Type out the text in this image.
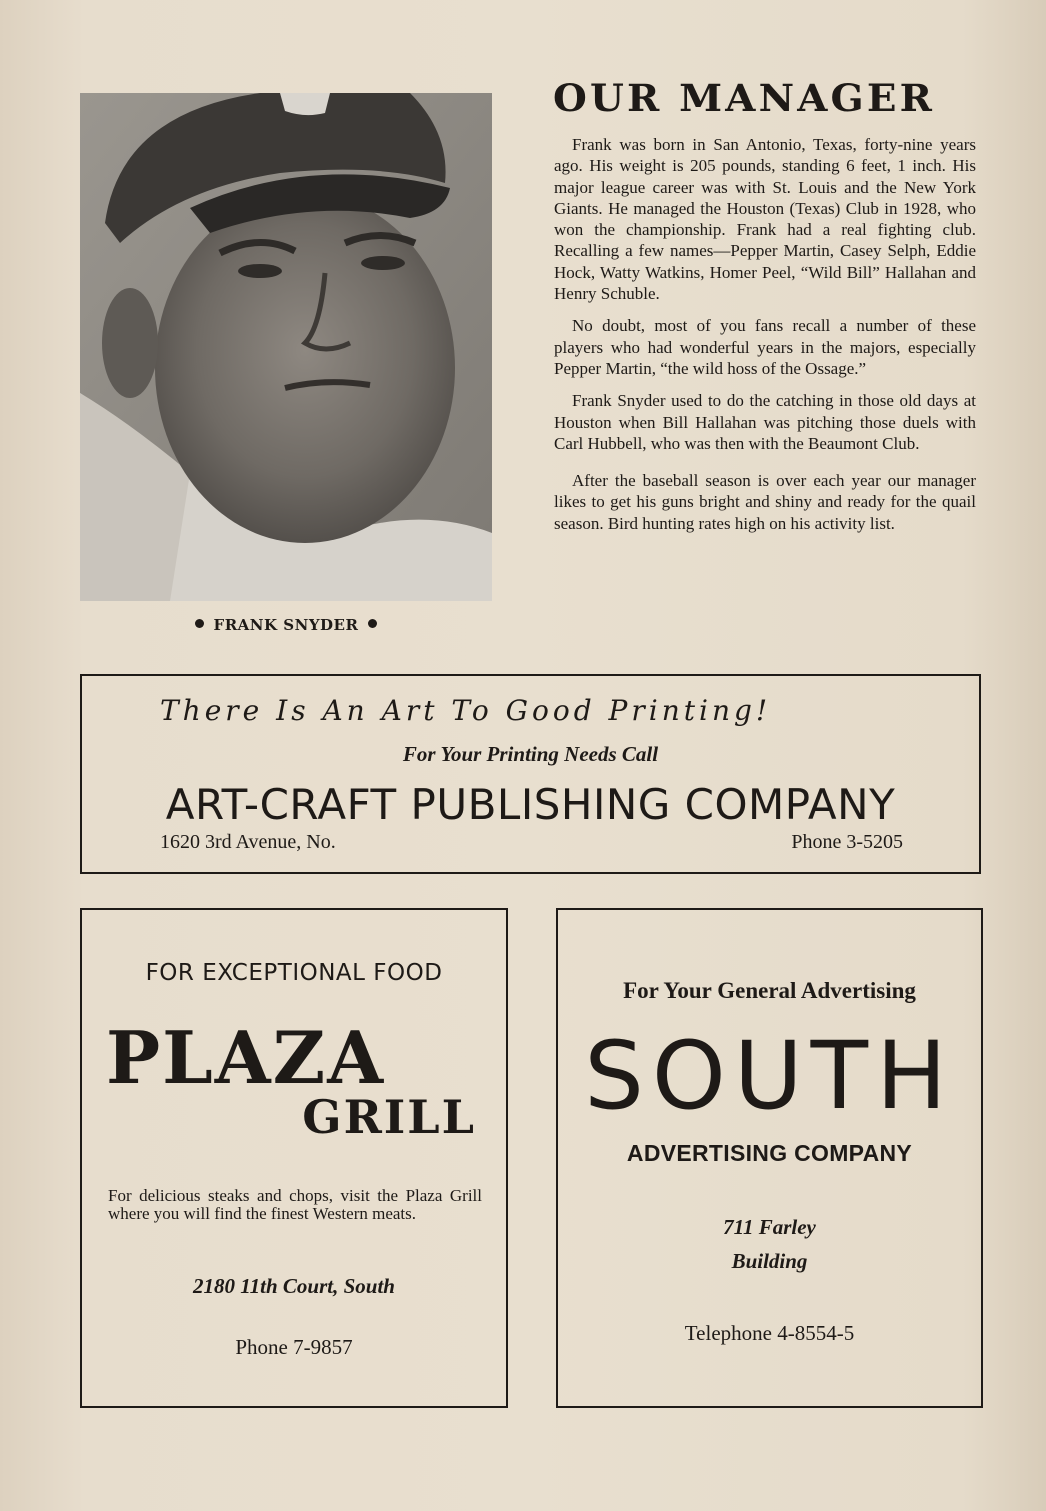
FRANK SNYDER
OUR MANAGER

Frank was born in San Antonio, Texas, forty-nine years ago. His weight is 205 pounds, standing 6 feet, 1 inch. His major league career was with St. Louis and the New York Giants. He managed the Houston (Texas) Club in 1928, who won the championship. Frank had a real fighting club. Recalling a few names—Pepper Martin, Casey Selph, Eddie Hock, Watty Watkins, Homer Peel, “Wild Bill” Hallahan and Henry Schuble.

No doubt, most of you fans recall a number of these players who had wonderful years in the majors, especially Pepper Martin, “the wild hoss of the Ossage.”

Frank Snyder used to do the catching in those old days at Houston when Bill Hallahan was pitching those duels with Carl Hubbell, who was then with the Beaumont Club.

After the baseball season is over each year our manager likes to get his guns bright and shiny and ready for the quail season. Bird hunting rates high on his activity list.

There Is An Art To Good Printing!
For Your Printing Needs Call
ART-CRAFT PUBLISHING COMPANY
1620 3rd Avenue, No.	Phone 3-5205
FOR EXCEPTIONAL FOOD
PLAZA
GRILL
For delicious steaks and chops, visit the Plaza Grill where you will find the finest Western meats.
2180 11th Court, South
Phone 7-9857
For Your General Advertising
SOUTH
ADVERTISING COMPANY
711 Farley
Building
Telephone 4-8554-5
